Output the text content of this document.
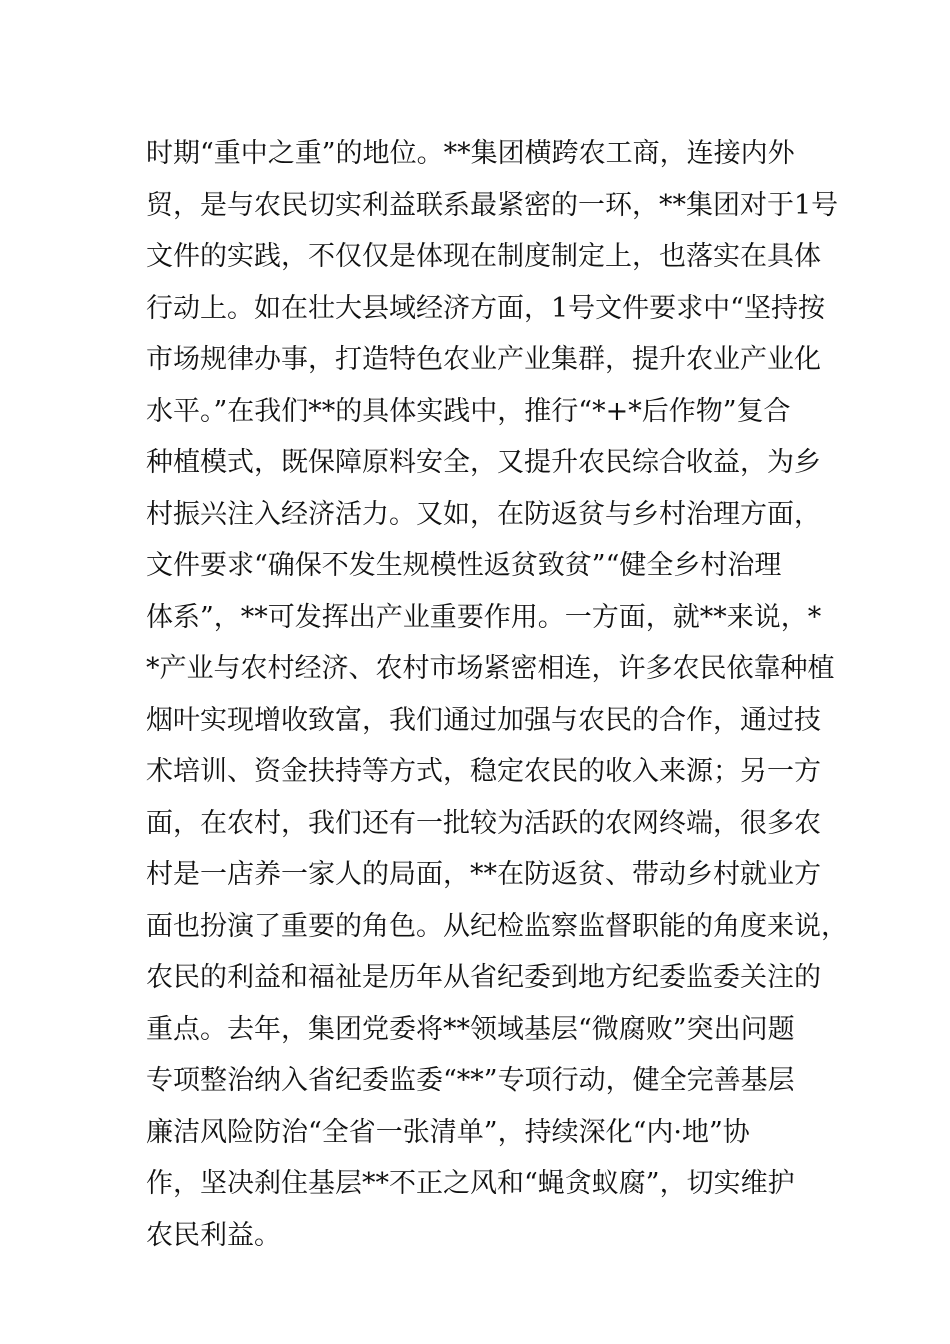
时期“重中之重”的地位。**集团横跨农工商，连接内外
贸，是与农民切实利益联系最紧密的一环，**集团对于1号
文件的实践，不仅仅是体现在制度制定上，也落实在具体
行动上。如在壮大县域经济方面，1号文件要求中“坚持按
市场规律办事，打造特色农业产业集群，提升农业产业化
水平。”在我们**的具体实践中，推行“*+*后作物”复合
种植模式，既保障原料安全，又提升农民综合收益，为乡
村振兴注入经济活力。又如，在防返贫与乡村治理方面，
文件要求“确保不发生规模性返贫致贫”“健全乡村治理
体系”，**可发挥出产业重要作用。一方面，就**来说，*
*产业与农村经济、农村市场紧密相连，许多农民依靠种植
烟叶实现增收致富，我们通过加强与农民的合作，通过技
术培训、资金扶持等方式，稳定农民的收入来源；另一方
面，在农村，我们还有一批较为活跃的农网终端，很多农
村是一店养一家人的局面，**在防返贫、带动乡村就业方
面也扮演了重要的角色。从纪检监察监督职能的角度来说，
农民的利益和福祉是历年从省纪委到地方纪委监委关注的
重点。去年，集团党委将**领域基层“微腐败”突出问题
专项整治纳入省纪委监委“**”专项行动，健全完善基层
廉洁风险防治“全省一张清单”，持续深化“内·地”协
作，坚决刹住基层**不正之风和“蝇贪蚁腐”，切实维护
农民利益。
